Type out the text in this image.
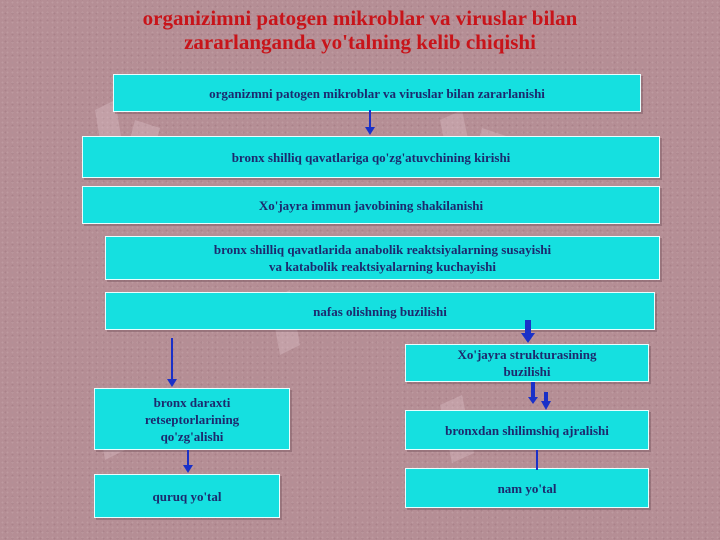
organizimni patogen mikroblar va viruslar bilan
zararlanganda yo'talning kelib chiqishi
organizmni patogen mikroblar va viruslar bilan zararlanishi
bronx shilliq qavatlariga qo'zg'atuvchining kirishi
Xo'jayra immun javobining shakilanishi
bronx shilliq qavatlarida anabolik reaktsiyalarning susayishi
va katabolik reaktsiyalarning kuchayishi
nafas olishning buzilishi
Xo'jayra strukturasining
buzilishi
bronx daraxti
retseptorlarining
qo'zg'alishi	bronxdan shilimshiq ajralishi
quruq yo'tal
nam yo'tal
